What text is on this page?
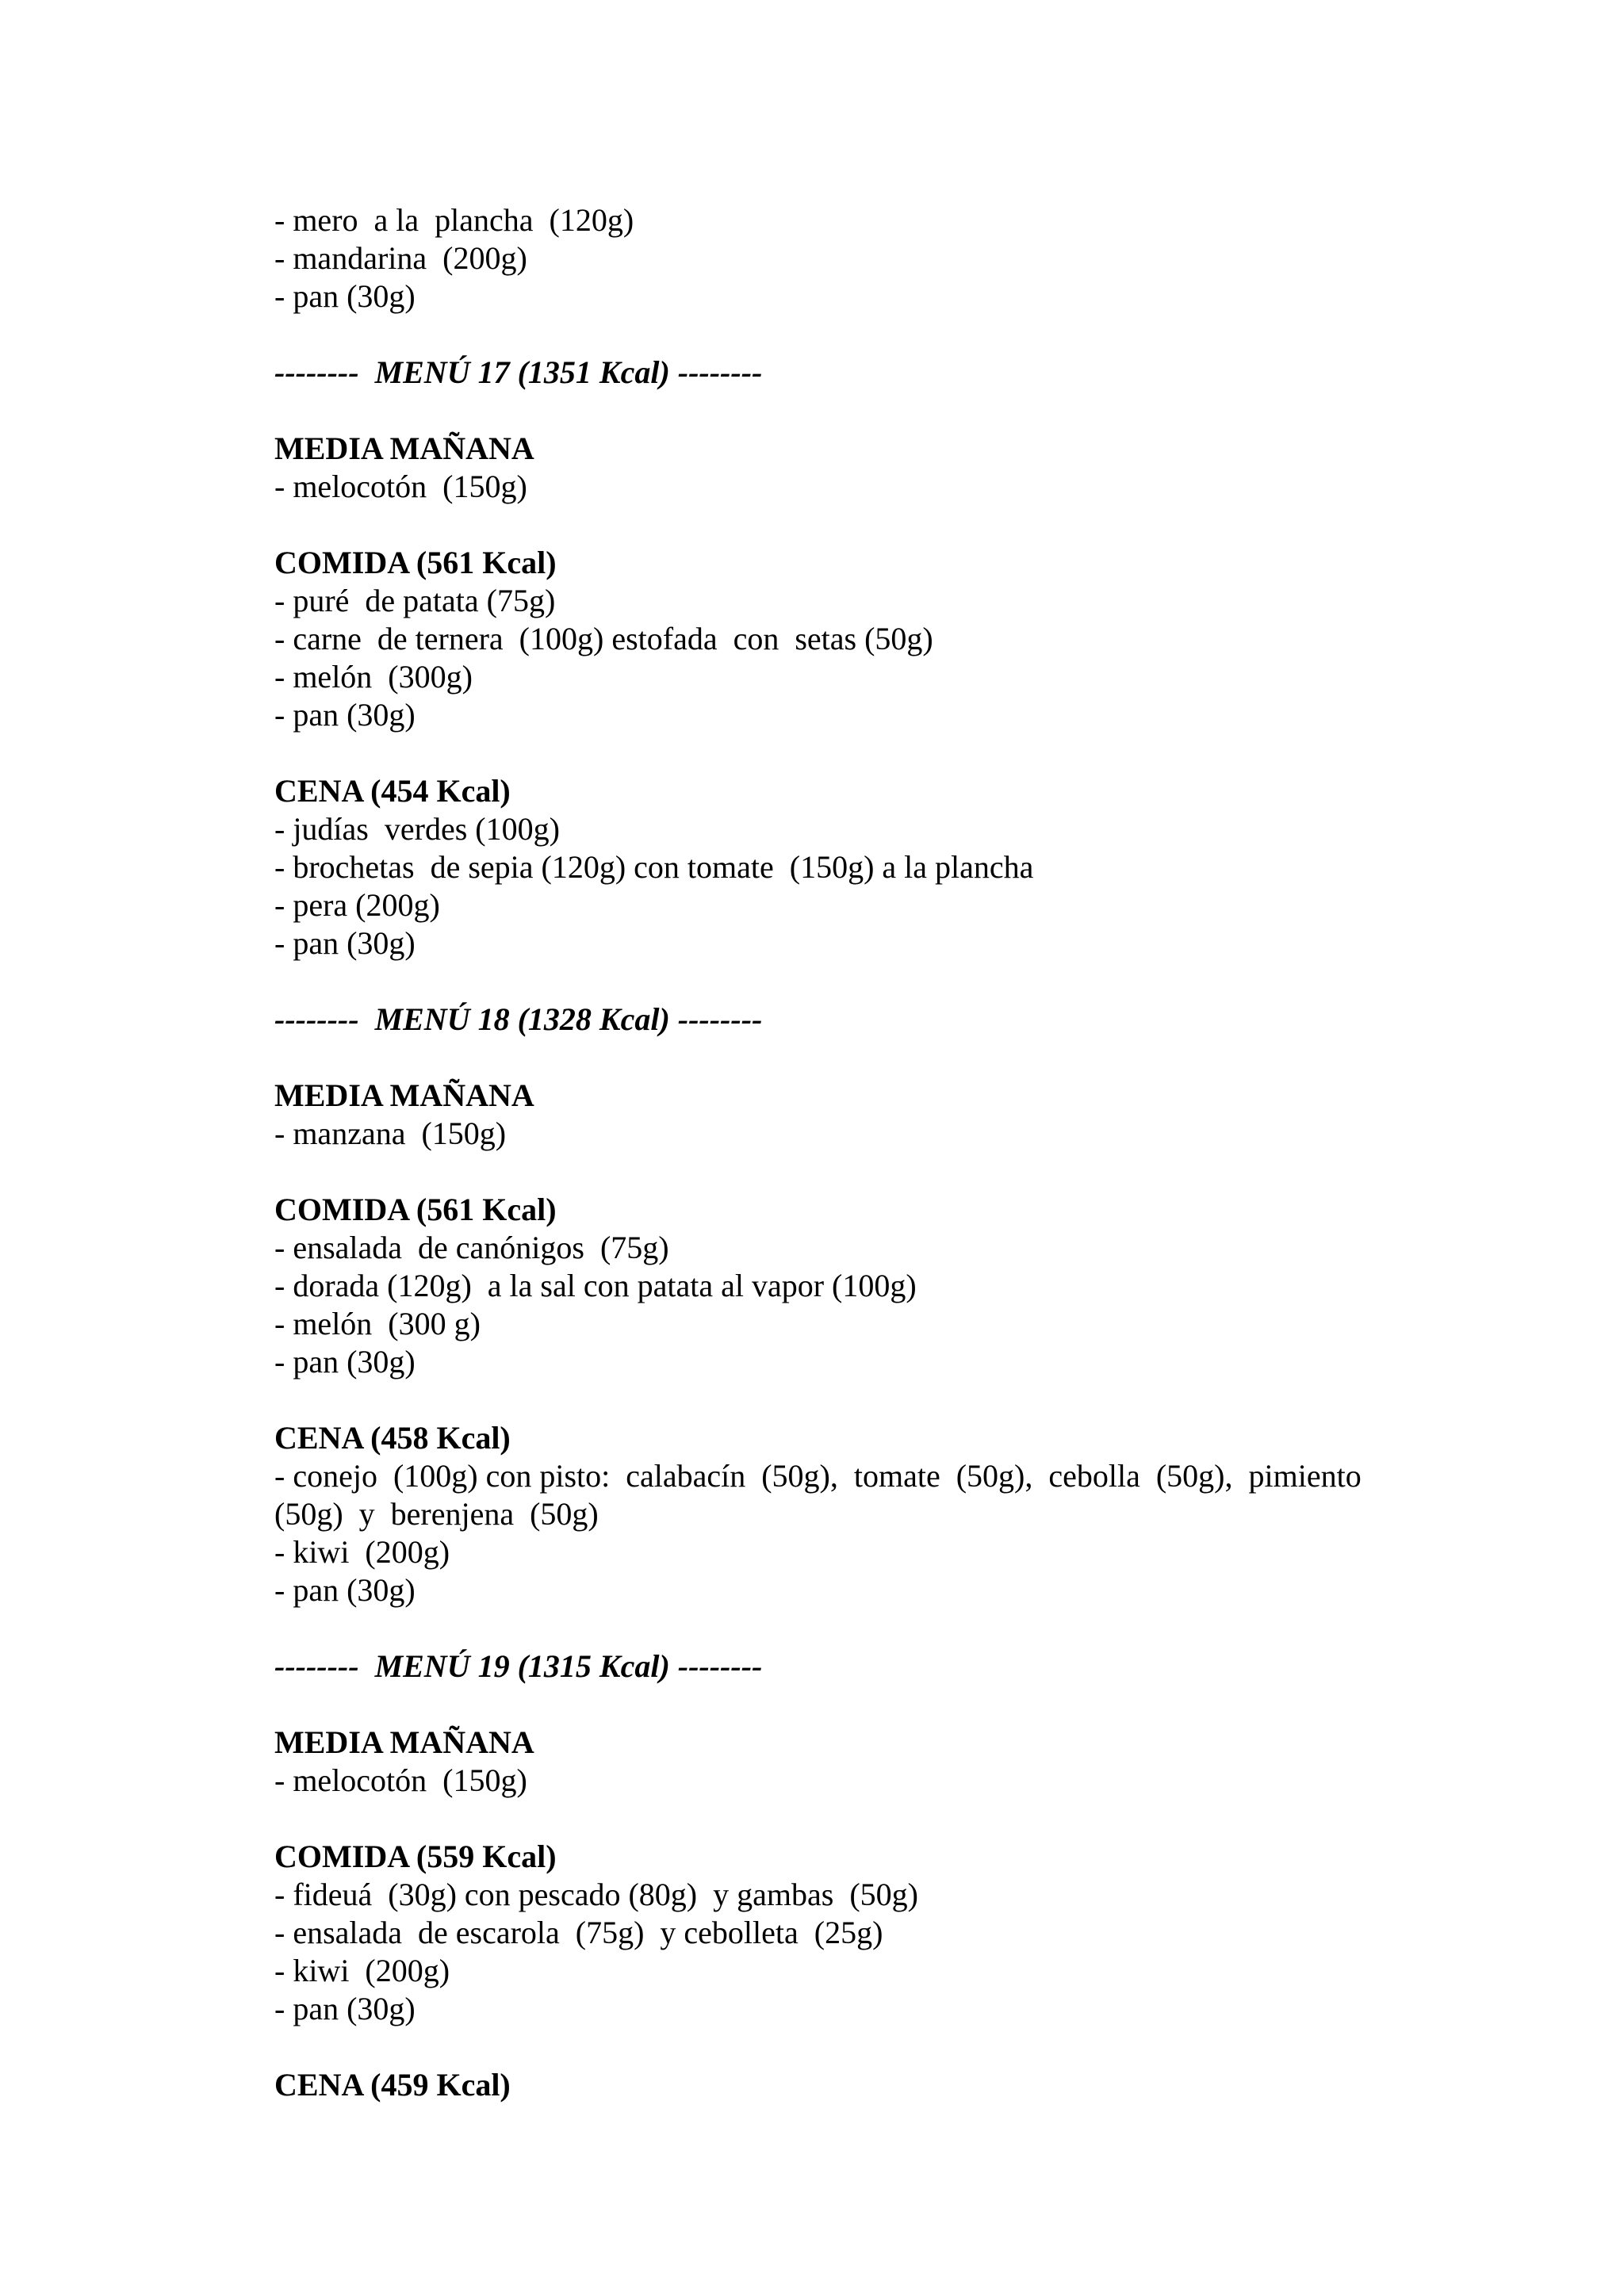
- mero  a la  plancha  (120g)
- mandarina  (200g)
- pan (30g)
--------  MENÚ 17 (1351 Kcal) --------
MEDIA MAÑANA
- melocotón  (150g)
COMIDA (561 Kcal)
- puré  de patata (75g)
- carne  de ternera  (100g) estofada  con  setas (50g)
- melón  (300g)
- pan (30g)
CENA (454 Kcal)
- judías  verdes (100g)
- brochetas  de sepia (120g) con tomate  (150g) a la plancha
- pera (200g)
- pan (30g)
--------  MENÚ 18 (1328 Kcal) --------
MEDIA MAÑANA
- manzana  (150g)
COMIDA (561 Kcal)
- ensalada  de canónigos  (75g)
- dorada (120g)  a la sal con patata al vapor (100g)
- melón  (300 g)
- pan (30g)
CENA (458 Kcal)
- conejo  (100g) con pisto:  calabacín  (50g),  tomate  (50g),  cebolla  (50g),  pimiento
(50g)  y  berenjena  (50g)
- kiwi  (200g)
- pan (30g)
--------  MENÚ 19 (1315 Kcal) --------
MEDIA MAÑANA
- melocotón  (150g)
COMIDA (559 Kcal)
- fideuá  (30g) con pescado (80g)  y gambas  (50g)
- ensalada  de escarola  (75g)  y cebolleta  (25g)
- kiwi  (200g)
- pan (30g)
CENA (459 Kcal)
